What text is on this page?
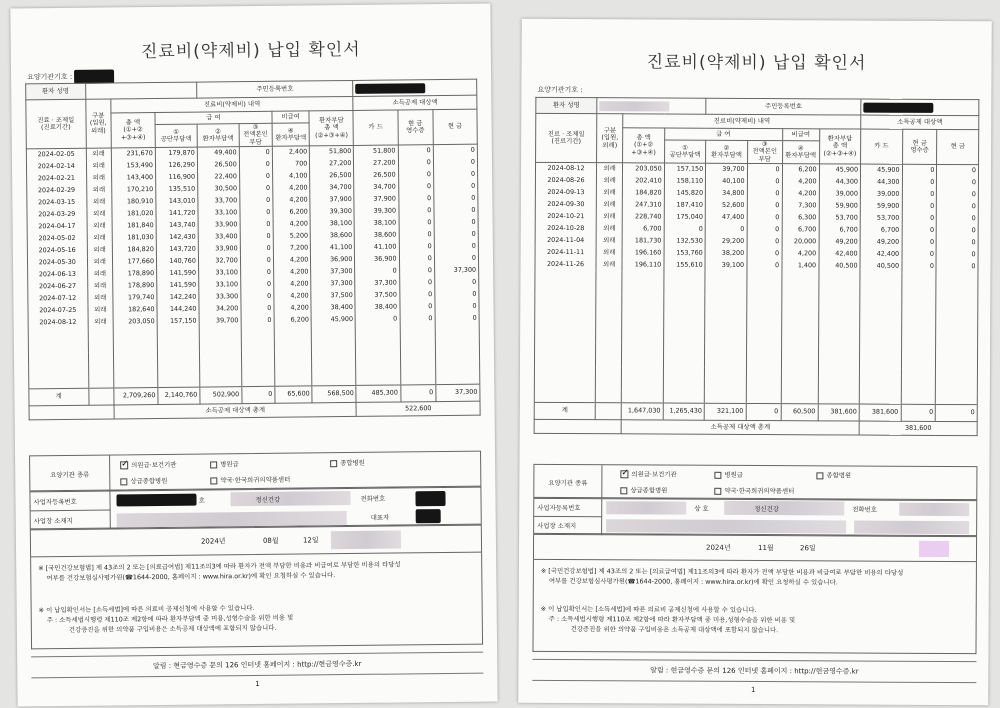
진료비(약제비) 납입 확인서
요양기관기호 :
환자 성명				주민등록번호						
진료 · 조제일
(진료기간)	구분
(입원,
외래)	진료비(약제비) 내역						소득공제 대상액		
		총 액
(①+②
+③+④)	급 여			비급여	환자부담
총 액
(②+③+④)	카 드	현 금
영수증	현 금
			①
공단부담액	②
환자부담액	③
전액본인부담	④
환자부담액				
2024-02-05	외래	231,670	179,870	49,400	0	2,400	51,800	51,800	0	0
2024-02-14	외래	153,490	126,290	26,500	0	700	27,200	27,200	0	0
2024-02-21	외래	143,400	116,900	22,400	0	4,100	26,500	26,500	0	0
2024-02-29	외래	170,210	135,510	30,500	0	4,200	34,700	34,700	0	0
2024-03-15	외래	180,910	143,010	33,700	0	4,200	37,900	37,900	0	0
2024-03-29	외래	181,020	141,720	33,100	0	6,200	39,300	39,300	0	0
2024-04-17	외래	181,840	143,740	33,900	0	4,200	38,100	38,100	0	0
2024-05-02	외래	181,030	142,430	33,400	0	5,200	38,600	38,600	0	0
2024-05-16	외래	184,820	143,720	33,900	0	7,200	41,100	41,100	0	0
2024-05-30	외래	177,660	140,760	32,700	0	4,200	36,900	36,900	0	0
2024-06-13	외래	178,890	141,590	33,100	0	4,200	37,300	0	0	37,300
2024-06-27	외래	178,890	141,590	33,100	0	4,200	37,300	37,300	0	0
2024-07-12	외래	179,740	142,240	33,300	0	4,200	37,500	37,500	0	0
2024-07-25	외래	182,640	144,240	34,200	0	4,200	38,400	38,400	0	0
2024-08-12	외래	203,050	157,150	39,700	0	6,200	45,900	0	0	0

계		2,709,260	2,140,760	502,900	0	65,600	568,500	485,300	0	37,300
		소득공제 대상액 총계						522,600		
요양기관 종류
✓의원급·보건기관	병원급	종합병원
상급종합병원	약국·한국희귀의약품센터
사업자등록번호	상 호	정신건강	전화번호
사업장 소재지	대표자
2024년	08월	12일
※ [국민건강보험법] 제 43조의 2 또는 [의료급여법] 제11조의3에 따라 환자가 전액 부담한 비용과 비급여로 부담한 비용의 타당성
여부를 건강보험심사평가원(☎1644-2000, 홈페이지 : www.hira.or.kr)에 확인 요청하실 수 있습니다.
※ 이 납입확인서는 [소득세법]에 따른 의료비 공제신청에 사용할 수 있습니다.
주 : 소득세법시행령 제110조 제2항에 따라 환자부담액 중 미용,성형수술을 위한 비용 및
건강증진을 위한 의약품 구입비용은 소득공제 대상액에 포함되지 않습니다.
알림 : 현금영수증 문의 126 인터넷 홈페이지 : http://현금영수증.kr
1
진료비(약제비) 납입 확인서
요양기관기호 :
환자 성명				주민등록번호						
진료 · 조제일
(진료기간)	구분
(입원,
외래)	진료비(약제비) 내역						소득공제 대상액		
		총 액
(①+②
+③+④)	급 여			비급여	환자부담
총 액
(②+③+④)	카 드	현 금
영수증	현 금
			①
공단부담액	②
환자부담액	③
전액본인부담	④
환자부담액				
2024-08-12	외래	203,050	157,150	39,700	0	6,200	45,900	45,900	0	0
2024-08-26	외래	202,410	158,110	40,100	0	4,200	44,300	44,300	0	0
2024-09-13	외래	184,820	145,820	34,800	0	4,200	39,000	39,000	0	0
2024-09-30	외래	247,310	187,410	52,600	0	7,300	59,900	59,900	0	0
2024-10-21	외래	228,740	175,040	47,400	0	6,300	53,700	53,700	0	0
2024-10-28	외래	6,700	0	0	0	6,700	6,700	6,700	0	0
2024-11-04	외래	181,730	132,530	29,200	0	20,000	49,200	49,200	0	0
2024-11-11	외래	196,160	153,760	38,200	0	4,200	42,400	42,400	0	0
2024-11-26	외래	196,110	155,610	39,100	0	1,400	40,500	40,500	0	0

계		1,647,030	1,265,430	321,100	0	60,500	381,600	381,600	0	0
		소득공제 대상액 총계						381,600		
요양기관 종류
✓의원급·보건기관	병원급	종합병원
상급종합병원	약국·한국희귀의약품센터
사업자등록번호	상 호	정신건강	전화번호
사업장 소재지
2024년	11월	26일
※ [국민건강보험법] 제 43조의 2 또는 [의료급여법] 제11조의3에 따라 환자가 전액 부담한 비용과 비급여로 부담한 비용의 타당성
여부를 건강보험심사평가원(☎1644-2000, 홈페이지 : www.hira.or.kr)에 확인 요청하실 수 있습니다.
※ 이 납입확인서는 [소득세법]에 따른 의료비 공제신청에 사용할 수 있습니다.
주 : 소득세법시행령 제110조 제2항에 따라 환자부담액 중 미용,성형수술을 위한 비용 및
건강증진을 위한 의약품 구입비용은 소득공제 대상액에 포함되지 않습니다.
알림 : 현금영수증 문의 126 인터넷 홈페이지 : http://현금영수증.kr
1
